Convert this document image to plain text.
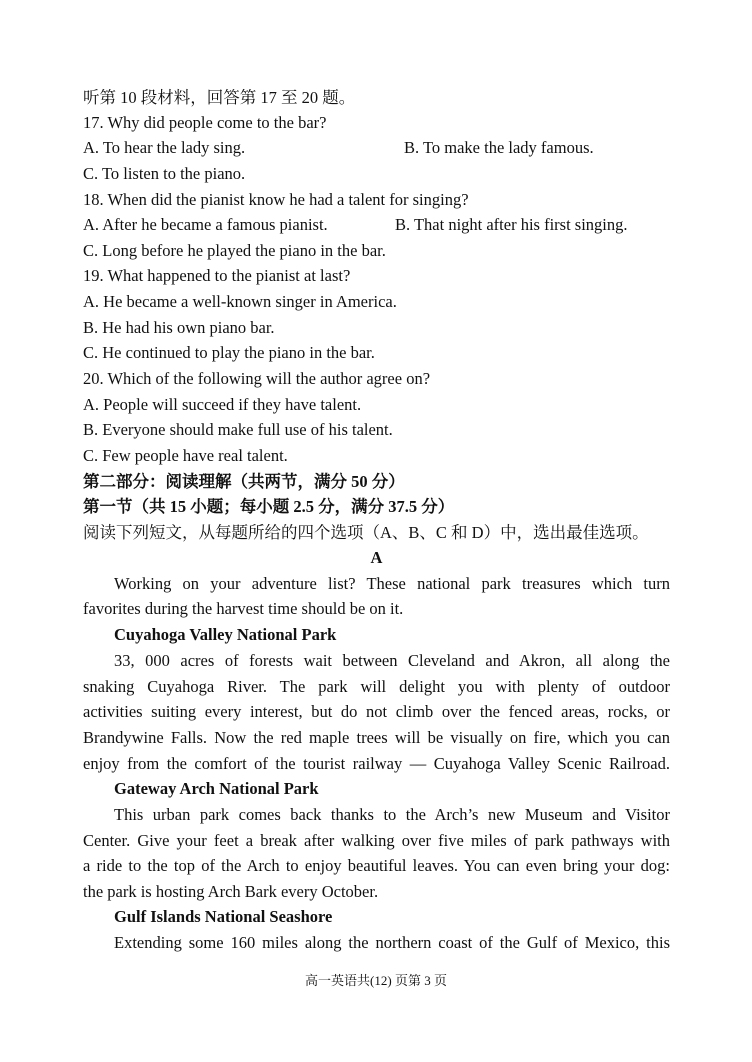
听第 10 段材料，回答第 17 至 20 题。
17. Why did people come to the bar?
A. To hear the lady sing.	B. To make the lady famous.
C. To listen to the piano.
18. When did the pianist know he had a talent for singing?
A. After he became a famous pianist.	B. That night after his first singing.
C. Long before he played the piano in the bar.
19. What happened to the pianist at last?
A. He became a well-known singer in America.
B. He had his own piano bar.
C. He continued to play the piano in the bar.
20. Which of the following will the author agree on?
A. People will succeed if they have talent.
B. Everyone should make full use of his talent.
C. Few people have real talent.
第二部分：阅读理解（共两节，满分 50 分）
第一节（共 15 小题；每小题 2.5 分，满分 37.5 分）
阅读下列短文，从每题所给的四个选项（A、B、C 和 D）中，选出最佳选项。
A
Working on your adventure list? These national park treasures which turn
favorites during the harvest time should be on it.
Cuyahoga Valley National Park
33, 000 acres of forests wait between Cleveland and Akron, all along the
snaking Cuyahoga River. The park will delight you with plenty of outdoor
activities suiting every interest, but do not climb over the fenced areas, rocks, or
Brandywine Falls. Now the red maple trees will be visually on fire, which you can
enjoy from the comfort of the tourist railway — Cuyahoga Valley Scenic Railroad.
Gateway Arch National Park
This urban park comes back thanks to the Arch’s new Museum and Visitor
Center. Give your feet a break after walking over five miles of park pathways with
a ride to the top of the Arch to enjoy beautiful leaves. You can even bring your dog:
the park is hosting Arch Bark every October.
Gulf Islands National Seashore
Extending some 160 miles along the northern coast of the Gulf of Mexico, this
高一英语共(12) 页第 3 页
